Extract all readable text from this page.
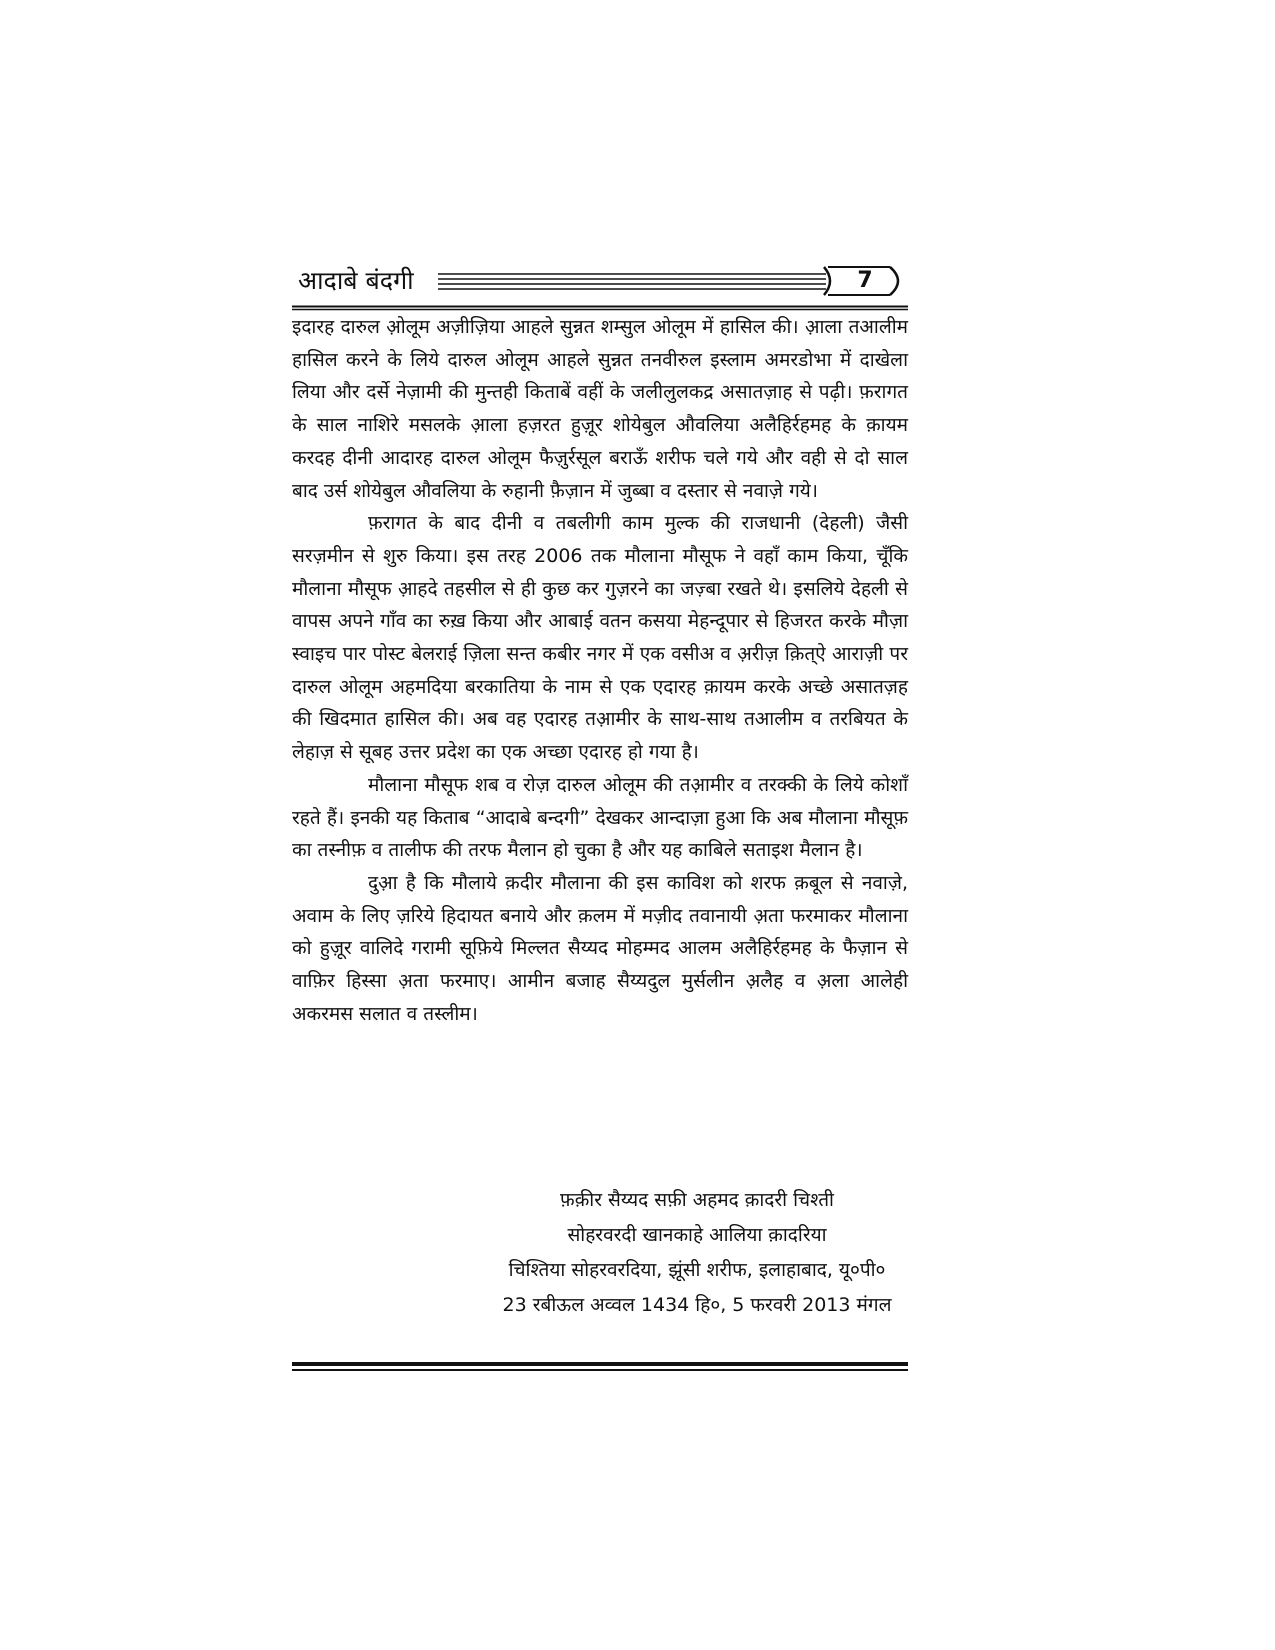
आदाबे बंदगी	7

इदारह दारुल ओ़लूम अज़ीज़िया आहले सुन्नत शम्सुल ओलूम में हासिल की। आ़ला तआलीम हासिल करने के लिये दारुल ओलूम आहले सुन्नत तनवीरुल इस्लाम अमरडोभा में दाखेला लिया और दर्से नेज़ामी की मुन्तही किताबें वहीं के जलीलुलकद्र असातज़ाह से पढ़ी। फ़रागत के साल नाशिरे मसलके आ़ला हज़रत हुज़ूर शोयेबुल औवलिया अलैहिर्रहमह के क़ायम करदह दीनी आदारह दारुल ओलूम फैज़ुर्रसूल बराऊँ शरीफ चले गये और वही से दो साल बाद उर्स शोयेबुल औवलिया के रुहानी फ़ैज़ान में जुब्बा व दस्तार से नवाज़े गये।

फ़रागत के बाद दीनी व तबलीगी काम मुल्क की राजधानी (देहली) जैसी सरज़मीन से शुरु किया। इस तरह 2006 तक मौलाना मौसूफ ने वहाँ काम किया, चूँकि मौलाना मौसूफ आ़हदे तहसील से ही कुछ कर गुज़रने का जज़्बा रखते थे। इसलिये देहली से वापस अपने गाँव का रुख़ किया और आबाई वतन कसया मेहन्दूपार से हिजरत करके मौज़ा स्वाइच पार पोस्ट बेलराई ज़िला सन्त कबीर नगर में एक वसीअ व अ़रीज़ क़ित्ऐ आराज़ी पर दारुल ओलूम अहमदिया बरकातिया के नाम से एक एदारह क़ायम करके अच्छे असातज़ह की खिदमात हासिल की। अब वह एदारह तआ़मीर के साथ-साथ तआलीम व तरबियत के लेहाज़ से सूबह उत्तर प्रदेश का एक अच्छा एदारह हो गया है।

मौलाना मौसूफ शब व रोज़ दारुल ओलूम की तआ़मीर व तरक्की के लिये कोशाँ रहते हैं। इनकी यह किताब “आदाबे बन्दगी” देखकर आन्दाज़ा हुआ कि अब मौलाना मौसूफ़ का तस्नीफ़ व तालीफ की तरफ मैलान हो चुका है और यह काबिले सताइश मैलान है।

दुआ़ है कि मौलाये क़दीर मौलाना की इस काविश को शरफ क़बूल से नवाज़े, अवाम के लिए ज़रिये हिदायत बनाये और क़लम में मज़ीद तवानायी अ़ता फरमाकर मौलाना को हुज़ूर वालिदे गरामी सूफ़िये मिल्लत सैय्यद मोहम्मद आलम अलैहिर्रहमह के फैज़ान से वाफ़िर हिस्सा अ़ता फरमाए। आमीन बजाह सैय्यदुल मुर्सलीन अ़लैह व अ़ला आलेही अकरमस सलात व तस्लीम।

फ़क़ीर सैय्यद सफ़ी अहमद क़ादरी चिश्ती
सोहरवरदी खानकाहे आलिया क़ादरिया
चिश्तिया सोहरवरदिया, झूंसी शरीफ, इलाहाबाद, यू०पी०
23 रबीऊल अव्वल 1434 हि०, 5 फरवरी 2013 मंगल
